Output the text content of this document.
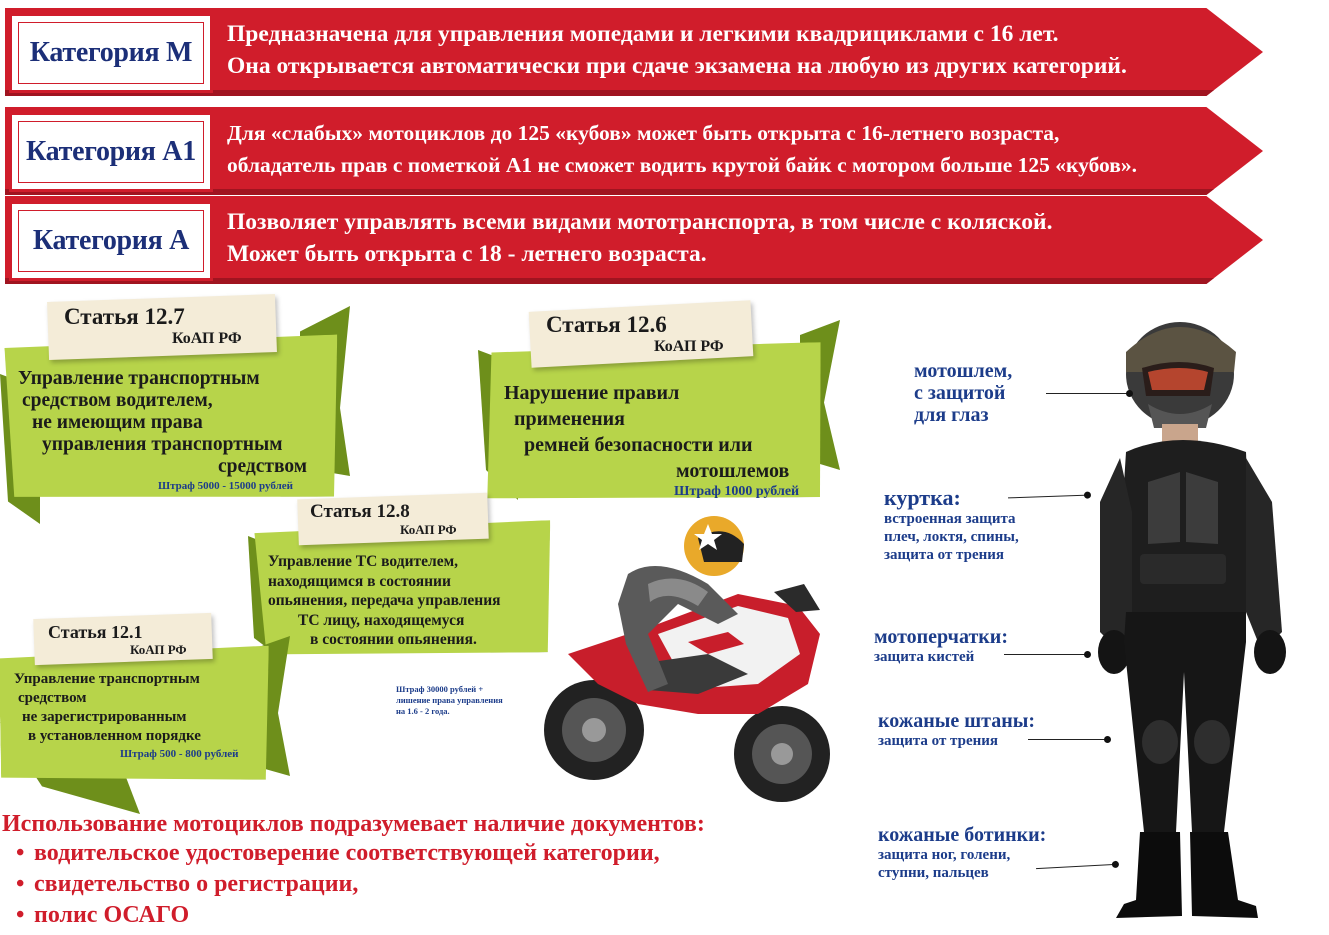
Категория М
Предназначена для управления мопедами и легкими квадрициклами с 16 лет.
Она открывается автоматически при сдаче экзамена на любую из других категорий.
Категория А1
Для «слабых» мотоциклов до 125 «кубов» может быть открыта с 16-летнего возраста,
обладатель прав с пометкой А1 не сможет водить крутой байк с мотором больше 125 «кубов».
Категория А
Позволяет управлять всеми видами мототранспорта, в том числе с коляской.
Может быть открыта с 18 - летнего возраста.
Статья 12.7
КоАП РФ
Управление транспортным
средством водителем,
не имеющим права
управления транспортным
средством
Штраф 5000 - 15000 рублей
Статья 12.6
КоАП РФ
Нарушение правил
применения
ремней безопасности или
мотошлемов
Штраф 1000 рублей
Статья 12.8
КоАП РФ
Управление ТС водителем,
находящимся в состоянии
опьянения, передача управления
ТС лицу, находящемуся
в состоянии опьянения.
Штраф 30000 рублей +
лишение права управления
на 1.6 - 2 года.
Статья 12.1
КоАП РФ
Управление транспортным
средством
не зарегистрированным
в установленном порядке
Штраф 500 - 800 рублей
Использование мотоциклов подразумевает наличие документов:
• водительское удостоверение соответствующей категории,
• свидетельство о регистрации,
• полис ОСАГО
мотошлем,
с защитой
для глаз
куртка:
встроенная защита
плеч, локтя, спины,
защита от трения
мотоперчатки:
защита кистей
кожаные штаны:
защита от трения
кожаные ботинки:
защита ног, голени,
ступни, пальцев
